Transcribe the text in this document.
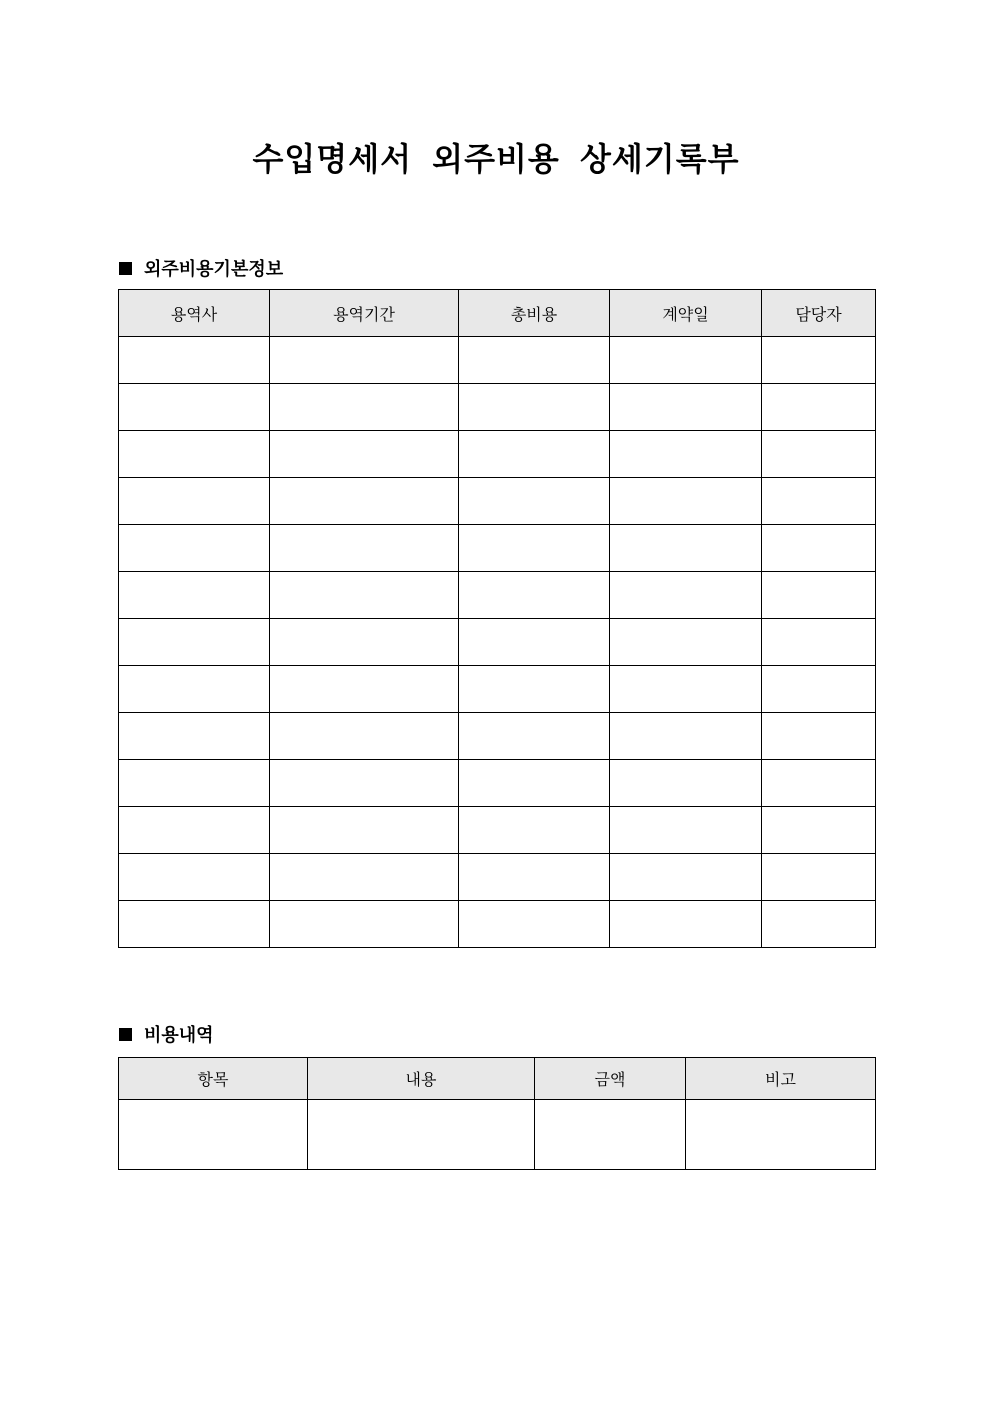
수입명세서 외주비용 상세기록부
외주비용기본정보
용역사	용역기간	총비용	계약일	담당자

비용내역
항목	내용	금액	비고
